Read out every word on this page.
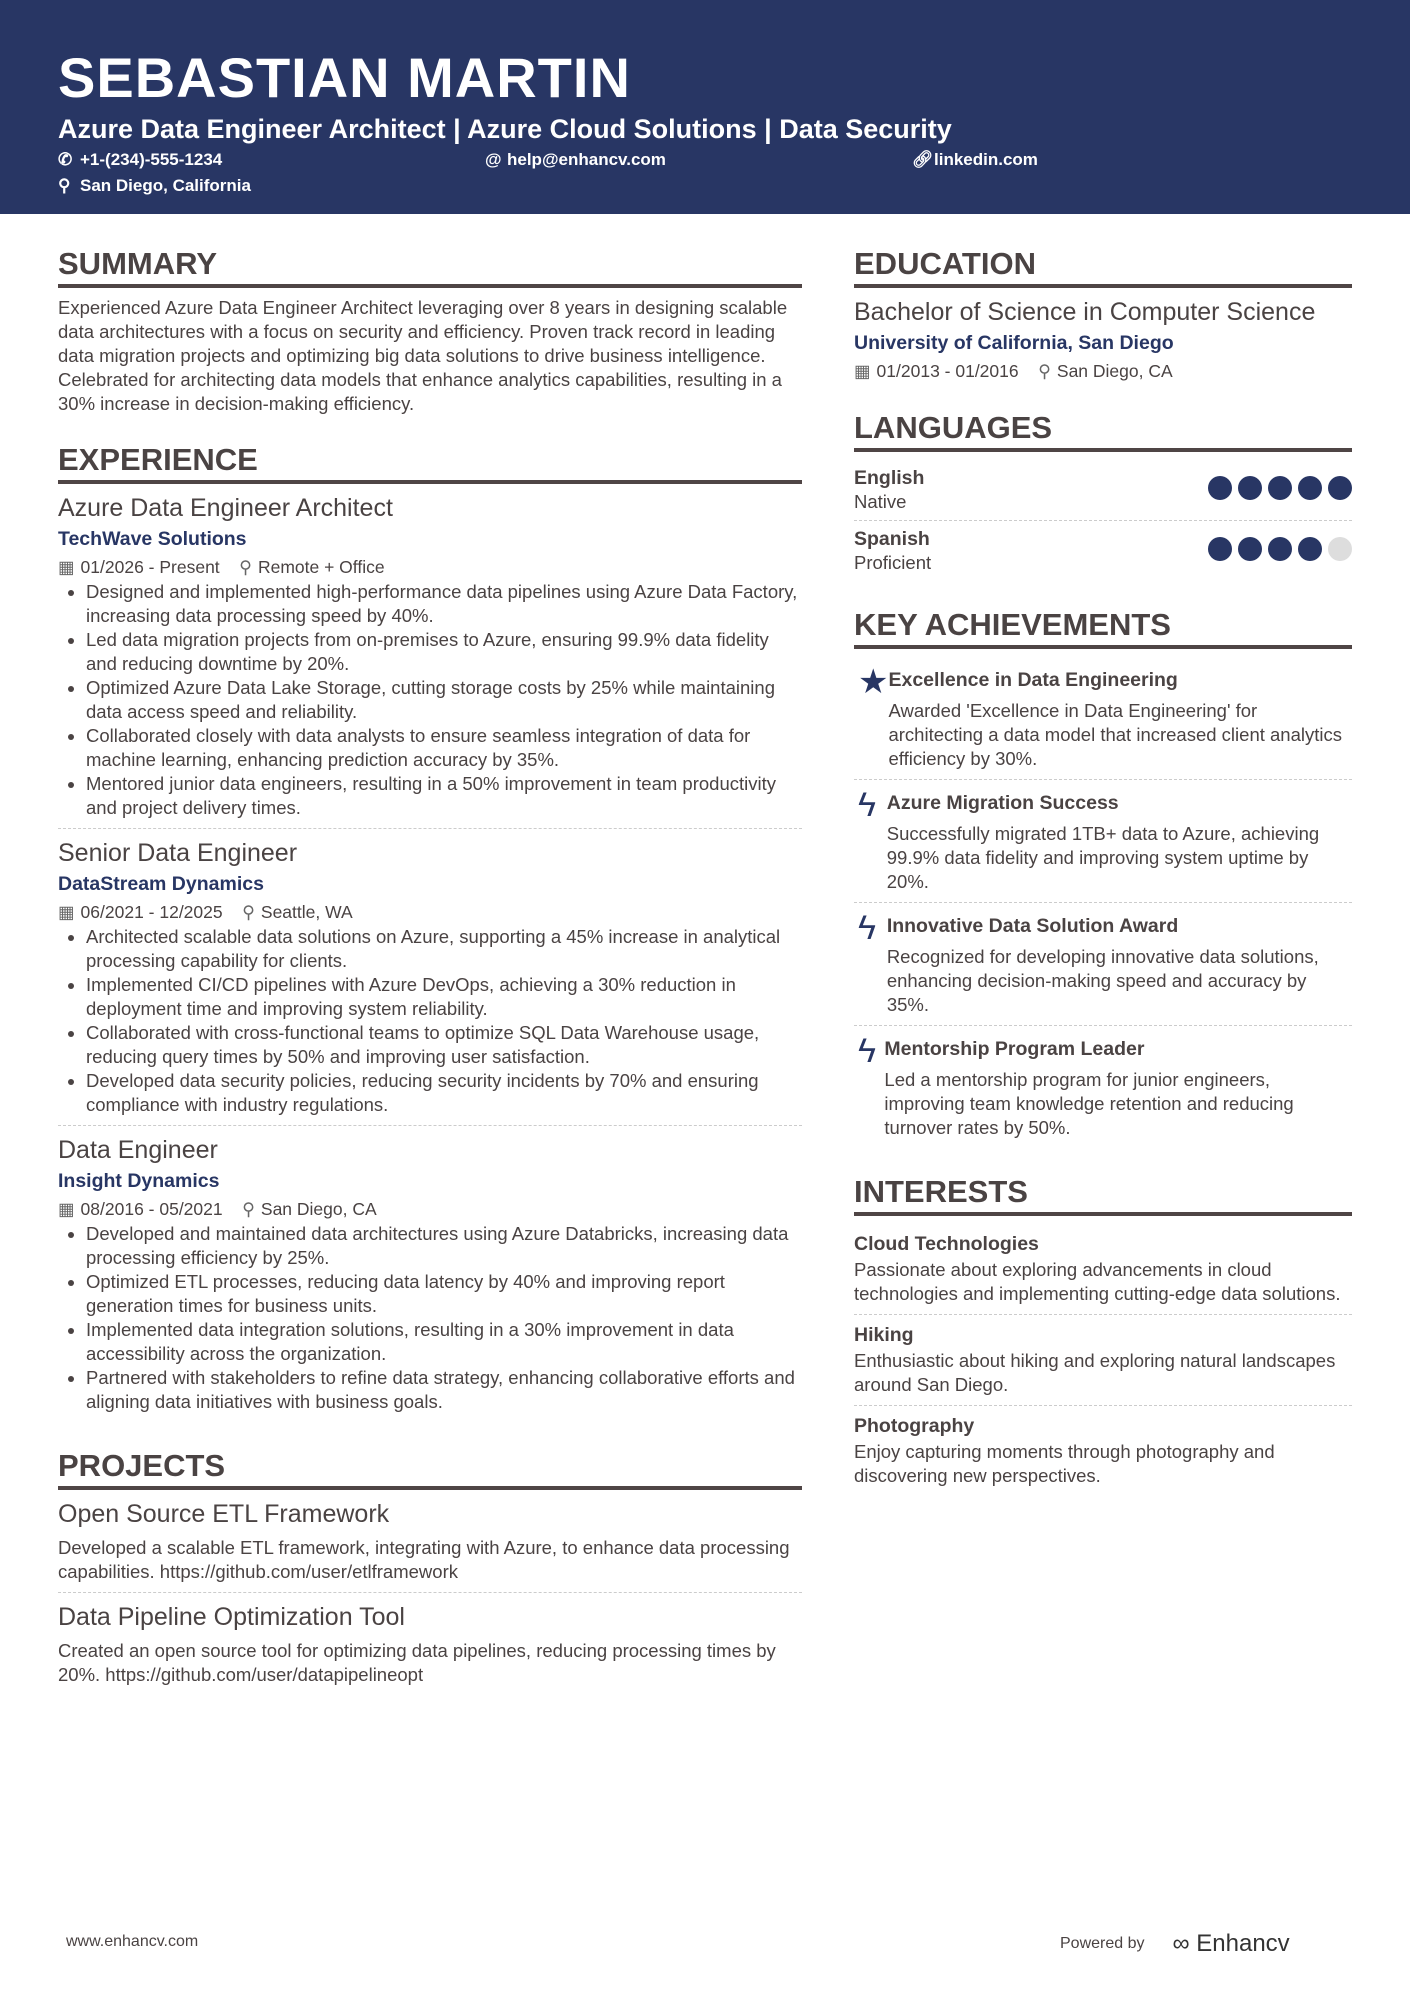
SEBASTIAN MARTIN
Azure Data Engineer Architect | Azure Cloud Solutions | Data Security
✆ +1-(234)-555-1234	@ help@enhancv.com	🔗︎linkedin.com
⚲ San Diego, California
SUMMARY

Experienced Azure Data Engineer Architect leveraging over 8 years in designing scalable data architectures with a focus on security and efficiency. Proven track record in leading data migration projects and optimizing big data solutions to drive business intelligence. Celebrated for architecting data models that enhance analytics capabilities, resulting in a 30% increase in decision-making efficiency.

EXPERIENCE
Azure Data Engineer Architect
TechWave Solutions
▦ 01/2026 - Present ⚲ Remote + Office
• Designed and implemented high-performance data pipelines using Azure Data Factory, increasing data processing speed by 40%.
• Led data migration projects from on-premises to Azure, ensuring 99.9% data fidelity and reducing downtime by 20%.
• Optimized Azure Data Lake Storage, cutting storage costs by 25% while maintaining data access speed and reliability.
• Collaborated closely with data analysts to ensure seamless integration of data for machine learning, enhancing prediction accuracy by 35%.
• Mentored junior data engineers, resulting in a 50% improvement in team productivity and project delivery times.
Senior Data Engineer
DataStream Dynamics
▦ 06/2021 - 12/2025 ⚲ Seattle, WA
• Architected scalable data solutions on Azure, supporting a 45% increase in analytical processing capability for clients.
• Implemented CI/CD pipelines with Azure DevOps, achieving a 30% reduction in deployment time and improving system reliability.
• Collaborated with cross-functional teams to optimize SQL Data Warehouse usage, reducing query times by 50% and improving user satisfaction.
• Developed data security policies, reducing security incidents by 70% and ensuring compliance with industry regulations.
Data Engineer
Insight Dynamics
▦ 08/2016 - 05/2021 ⚲ San Diego, CA
• Developed and maintained data architectures using Azure Databricks, increasing data processing efficiency by 25%.
• Optimized ETL processes, reducing data latency by 40% and improving report generation times for business units.
• Implemented data integration solutions, resulting in a 30% improvement in data accessibility across the organization.
• Partnered with stakeholders to refine data strategy, enhancing collaborative efforts and aligning data initiatives with business goals.
PROJECTS
Open Source ETL Framework

Developed a scalable ETL framework, integrating with Azure, to enhance data processing capabilities. https://github.com/user/etlframework

Data Pipeline Optimization Tool

Created an open source tool for optimizing data pipelines, reducing processing times by 20%. https://github.com/user/datapipelineopt

EDUCATION
Bachelor of Science in Computer Science
University of California, San Diego
▦ 01/2013 - 01/2016 ⚲ San Diego, CA
LANGUAGES
English

Native

Spanish

Proficient

KEY ACHIEVEMENTS
★ Excellence in Data Engineering

Awarded 'Excellence in Data Engineering' for architecting a data model that increased client analytics efficiency by 30%.

ϟ Azure Migration Success

Successfully migrated 1TB+ data to Azure, achieving 99.9% data fidelity and improving system uptime by 20%.

ϟ Innovative Data Solution Award

Recognized for developing innovative data solutions, enhancing decision-making speed and accuracy by 35%.

ϟ Mentorship Program Leader

Led a mentorship program for junior engineers, improving team knowledge retention and reducing turnover rates by 50%.

INTERESTS
Cloud Technologies

Passionate about exploring advancements in cloud technologies and implementing cutting-edge data solutions.

Hiking

Enthusiastic about hiking and exploring natural landscapes around San Diego.

Photography

Enjoy capturing moments through photography and discovering new perspectives.

www.enhancv.com	Powered by ∞ Enhancv
